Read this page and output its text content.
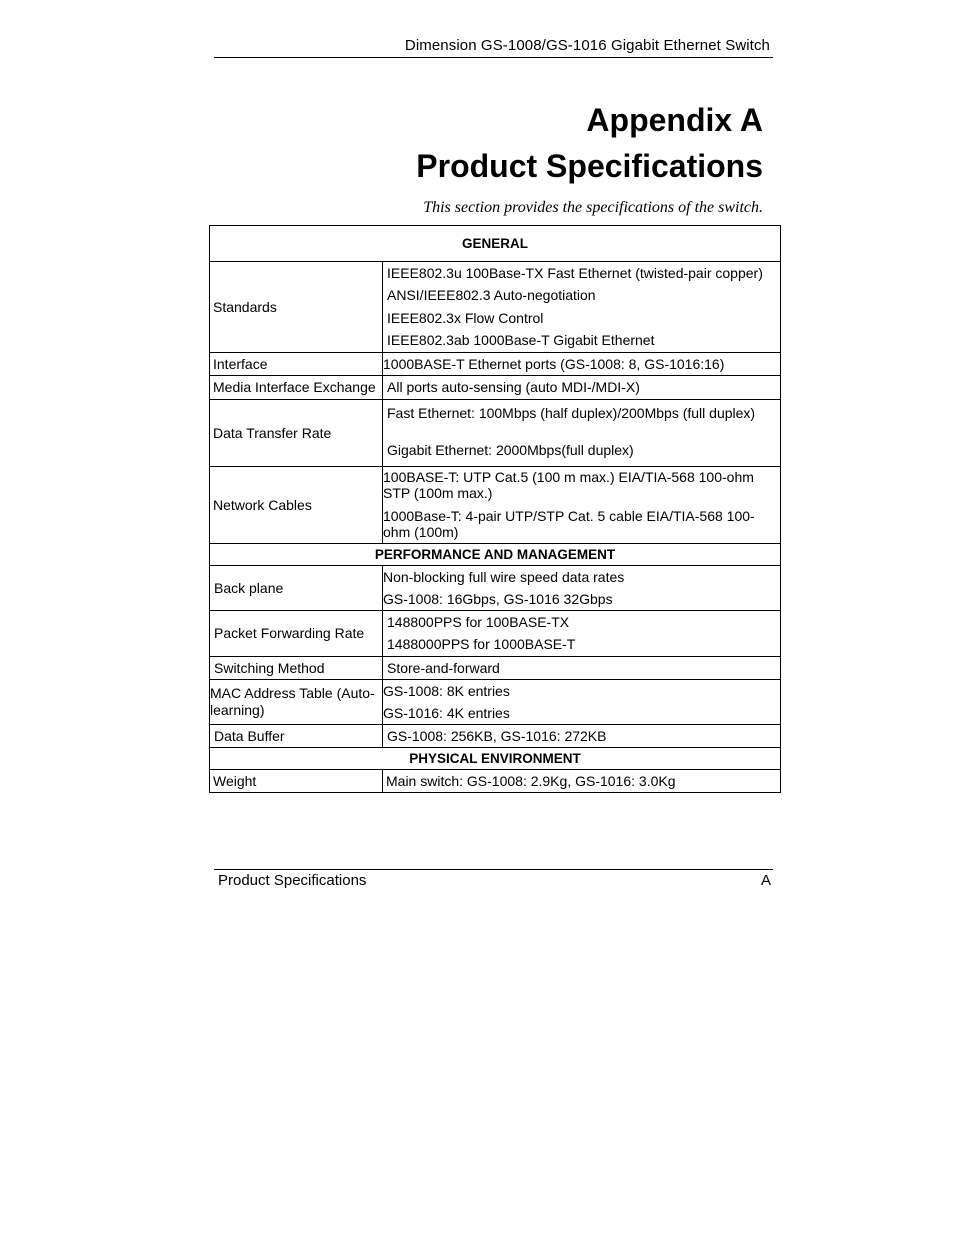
Dimension GS-1008/GS-1016 Gigabit Ethernet Switch
Appendix A
Product Specifications
This section provides the specifications of the switch.
GENERAL	
Standards	IEEE802.3u 100Base-TX Fast Ethernet (twisted-pair copper)
ANSI/IEEE802.3 Auto-negotiation
IEEE802.3x Flow Control
IEEE802.3ab 1000Base-T Gigabit Ethernet

Interface	1000BASE-T Ethernet ports (GS-1008: 8, GS-1016:16)
Media Interface Exchange	All ports auto-sensing (auto MDI-/MDI-X)
Data Transfer Rate	Fast Ethernet: 100Mbps (half duplex)/200Mbps (full duplex)
Gigabit Ethernet: 2000Mbps(full duplex)

Network Cables	100BASE-T: UTP Cat.5 (100 m max.) EIA/TIA-568 100-ohm STP (100m max.)
1000Base-T: 4-pair UTP/STP Cat. 5 cable EIA/TIA-568 100-ohm (100m)

PERFORMANCE AND MANAGEMENT	
Back plane	Non-blocking full wire speed data rates
GS-1008: 16Gbps, GS-1016 32Gbps

Packet Forwarding Rate	148800PPS for 100BASE-TX
1488000PPS for 1000BASE-T

Switching Method	Store-and-forward
MAC Address Table (Auto-learning)	GS-1008: 8K entries
GS-1016: 4K entries

Data Buffer	GS-1008: 256KB, GS-1016: 272KB
PHYSICAL ENVIRONMENT	
Weight	Main switch: GS-1008: 2.9Kg, GS-1016: 3.0Kg
Product Specifications	A
